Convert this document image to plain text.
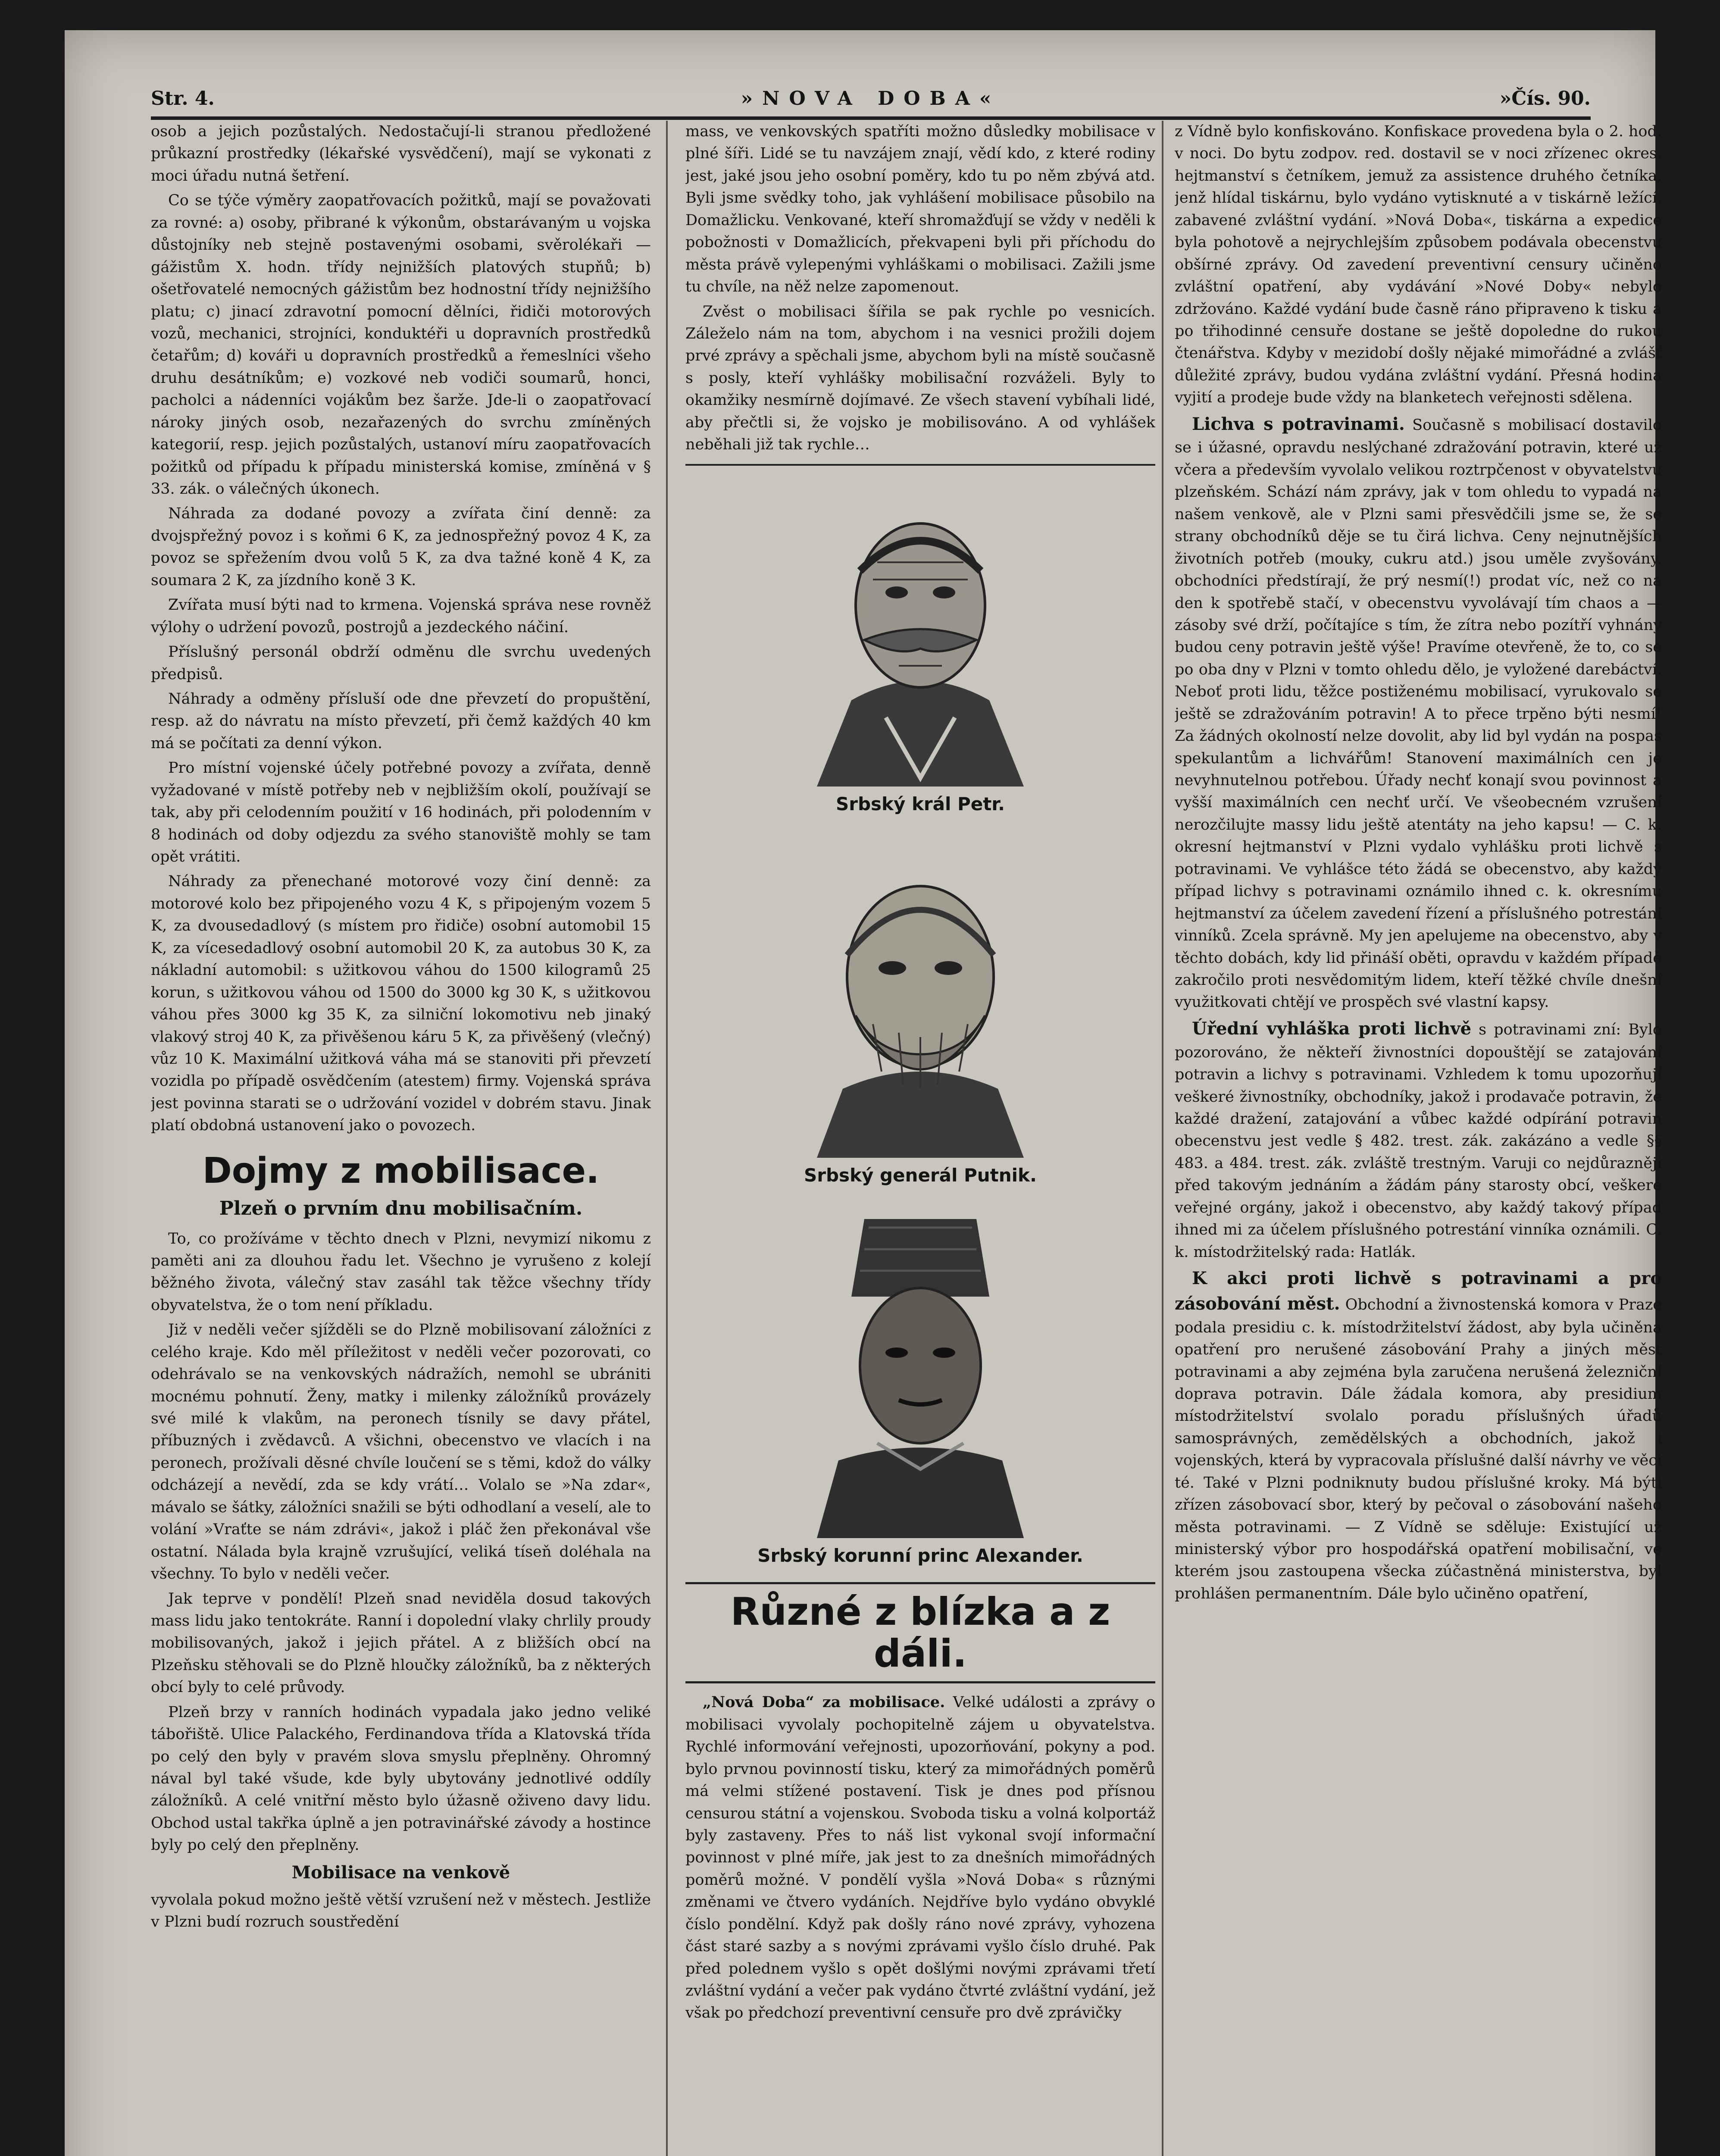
Str. 4.	»NOVA DOBA«	»Čís. 90.

osob a jejich pozůstalých. Nedostačují-li stranou předložené průkazní prostředky (lékařské vysvědčení), mají se vykonati z moci úřadu nutná šetření.

Co se týče výměry zaopatřovacích požitků, mají se považovati za rovné: a) osoby, přibrané k výkonům, obstarávaným u vojska důstojníky neb stejně postavenými osobami, svěrolékaři — gážistům X. hodn. třídy nejnižších platových stupňů; b) ošetřovatelé nemocných gážistům bez hodnostní třídy nejnižšího platu; c) jinací zdravotní pomocní dělníci, řidiči motorových vozů, mechanici, strojníci, konduktéři u dopravních prostředků četařům; d) kováři u dopravních prostředků a řemeslníci všeho druhu desátníkům; e) vozkové neb vodiči soumarů, honci, pacholci a nádenníci vojákům bez šarže. Jde-li o zaopatřovací nároky jiných osob, nezařazených do svrchu zmíněných kategorií, resp. jejich pozůstalých, ustanoví míru zaopatřovacích požitků od případu k případu ministerská komise, zmíněná v § 33. zák. o válečných úkonech.

Náhrada za dodané povozy a zvířata činí denně: za dvojspřežný povoz i s koňmi 6 K, za jednospřežný povoz 4 K, za povoz se spřežením dvou volů 5 K, za dva tažné koně 4 K, za soumara 2 K, za jízdního koně 3 K.

Zvířata musí býti nad to krmena. Vojenská správa nese rovněž výlohy o udržení povozů, postrojů a jezdeckého náčiní.

Příslušný personál obdrží odměnu dle svrchu uvedených předpisů.

Náhrady a odměny přísluší ode dne převzetí do propuštění, resp. až do návratu na místo převzetí, při čemž každých 40 km má se počítati za denní výkon.

Pro místní vojenské účely potřebné povozy a zvířata, denně vyžadované v místě potřeby neb v nejbližším okolí, používají se tak, aby při celodenním použití v 16 hodinách, při polodenním v 8 hodinách od doby odjezdu za svého stanoviště mohly se tam opět vrátiti.

Náhrady za přenechané motorové vozy činí denně: za motorové kolo bez připojeného vozu 4 K, s připojeným vozem 5 K, za dvousedadlový (s místem pro řidiče) osobní automobil 15 K, za vícesedadlový osobní automobil 20 K, za autobus 30 K, za nákladní automobil: s užitkovou váhou do 1500 kilogramů 25 korun, s užitkovou váhou od 1500 do 3000 kg 30 K, s užitkovou váhou přes 3000 kg 35 K, za silniční lokomotivu neb jinaký vlakový stroj 40 K, za přivěšenou káru 5 K, za přivěšený (vlečný) vůz 10 K. Maximální užitková váha má se stanoviti při převzetí vozidla po případě osvědčením (atestem) firmy. Vojenská správa jest povinna starati se o udržování vozidel v dobrém stavu. Jinak platí obdobná ustanovení jako o povozech.

Dojmy z mobilisace.
Plzeň o prvním dnu mobilisačním.

To, co prožíváme v těchto dnech v Plzni, nevymizí nikomu z paměti ani za dlouhou řadu let. Všechno je vyrušeno z kolejí běžného života, válečný stav zasáhl tak těžce všechny třídy obyvatelstva, že o tom není příkladu.

Již v neděli večer sjížděli se do Plzně mobilisovaní záložníci z celého kraje. Kdo měl příležitost v neděli večer pozorovati, co odehrávalo se na venkovských nádražích, nemohl se ubrániti mocnému pohnutí. Ženy, matky i milenky záložníků provázely své milé k vlakům, na peronech tísnily se davy přátel, příbuzných i zvědavců. A všichni, obecenstvo ve vlacích i na peronech, prožívali děsné chvíle loučení se s těmi, kdož do války odcházejí a nevědí, zda se kdy vrátí… Volalo se »Na zdar«, mávalo se šátky, záložníci snažili se býti odhodlaní a veselí, ale to volání »Vraťte se nám zdrávi«, jakož i pláč žen překonával vše ostatní. Nálada byla krajně vzrušující, veliká tíseň doléhala na všechny. To bylo v neděli večer.

Jak teprve v pondělí! Plzeň snad neviděla dosud takových mass lidu jako tentokráte. Ranní i dopolední vlaky chrlily proudy mobilisovaných, jakož i jejich přátel. A z bližších obcí na Plzeňsku stěhovali se do Plzně hloučky záložníků, ba z některých obcí byly to celé průvody.

Plzeň brzy v ranních hodinách vypadala jako jedno veliké tábořiště. Ulice Palackého, Ferdinandova třída a Klatovská třída po celý den byly v pravém slova smyslu přeplněny. Ohromný nával byl také všude, kde byly ubytovány jednotlivé oddíly záložníků. A celé vnitřní město bylo úžasně oživeno davy lidu. Obchod ustal takřka úplně a jen potravinářské závody a hostince byly po celý den přeplněny.

Mobilisace na venkově

vyvolala pokud možno ještě větší vzrušení než v městech. Jestliže v Plzni budí rozruch soustředění

mass, ve venkovských spatříti možno důsledky mobilisace v plné šíři. Lidé se tu navzájem znají, vědí kdo, z které rodiny jest, jaké jsou jeho osobní poměry, kdo tu po něm zbývá atd. Byli jsme svědky toho, jak vyhlášení mobilisace působilo na Domažlicku. Venkované, kteří shromažďují se vždy v neděli k pobožnosti v Domažlicích, překvapeni byli při příchodu do města právě vylepenými vyhláškami o mobilisaci. Zažili jsme tu chvíle, na něž nelze zapomenout.

Zvěst o mobilisaci šířila se pak rychle po vesnicích. Záleželo nám na tom, abychom i na vesnici prožili dojem prvé zprávy a spěchali jsme, abychom byli na místě současně s posly, kteří vyhlášky mobilisační rozváželi. Byly to okamžiky nesmírně dojímavé. Ze všech stavení vybíhali lidé, aby přečtli si, že vojsko je mobilisováno. A od vyhlášek neběhali již tak rychle…

Srbský král Petr.
Srbský generál Putnik.
Srbský korunní princ Alexander.
Různé z blízka a z dáli.

„Nová Doba“ za mobilisace. Velké události a zprávy o mobilisaci vyvolaly pochopitelně zájem u obyvatelstva. Rychlé informování veřejnosti, upozorňování, pokyny a pod. bylo prvnou povinností tisku, který za mimořádných poměrů má velmi stížené postavení. Tisk je dnes pod přísnou censurou státní a vojenskou. Svoboda tisku a volná kolportáž byly zastaveny. Přes to náš list vykonal svojí informační povinnost v plné míře, jak jest to za dnešních mimořádných poměrů možné. V pondělí vyšla »Nová Doba« s různými změnami ve čtvero vydáních. Nejdříve bylo vydáno obvyklé číslo pondělní. Když pak došly ráno nové zprávy, vyhozena část staré sazby a s novými zprávami vyšlo číslo druhé. Pak před polednem vyšlo s opět došlými novými zprávami třetí zvláštní vydání a večer pak vydáno čtvrté zvláštní vydání, jež však po předchozí preventivní censuře pro dvě zprávičky

z Vídně bylo konfiskováno. Konfiskace provedena byla o 2. hod. v noci. Do bytu zodpov. red. dostavil se v noci zřízenec okres. hejtmanství s četníkem, jemuž za assistence druhého četníka, jenž hlídal tiskárnu, bylo vydáno vytisknuté a v tiskárně ležící, zabavené zvláštní vydání. »Nová Doba«, tiskárna a expedice byla pohotově a nejrychlejším způsobem podávala obecenstvu obšírné zprávy. Od zavedení preventivní censury učiněno zvláštní opatření, aby vydávání »Nové Doby« nebylo zdržováno. Každé vydání bude časně ráno připraveno k tisku a po třihodinné censuře dostane se ještě dopoledne do rukou čtenářstva. Kdyby v mezidobí došly nějaké mimořádné a zvlášť důležité zprávy, budou vydána zvláštní vydání. Přesná hodina vyjití a prodeje bude vždy na blanketech veřejnosti sdělena.

Lichva s potravinami. Současně s mobilisací dostavilo se i úžasné, opravdu neslýchané zdražování potravin, které už včera a především vyvolalo velikou roztrpčenost v obyvatelstvu plzeňském. Schází nám zprávy, jak v tom ohledu to vypadá na našem venkově, ale v Plzni sami přesvědčili jsme se, že se strany obchodníků děje se tu čirá lichva. Ceny nejnutnějších životních potřeb (mouky, cukru atd.) jsou uměle zvyšovány, obchodníci předstírají, že prý nesmí(!) prodat víc, než co na den k spotřebě stačí, v obecenstvu vyvolávají tím chaos a — zásoby své drží, počítajíce s tím, že zítra nebo pozítří vyhnány budou ceny potravin ještě výše! Pravíme otevřeně, že to, co se po oba dny v Plzni v tomto ohledu dělo, je vyložené darebáctví. Neboť proti lidu, těžce postiženému mobilisací, vyrukovalo se ještě se zdražováním potravin! A to přece trpěno býti nesmí! Za žádných okolností nelze dovolit, aby lid byl vydán na pospas spekulantům a lichvářům! Stanovení maximálních cen je nevyhnutelnou potřebou. Úřady nechť konají svou povinnost a vyšší maximálních cen nechť určí. Ve všeobecném vzrušení nerozčilujte massy lidu ještě atentáty na jeho kapsu! — C. k. okresní hejtmanství v Plzni vydalo vyhlášku proti lichvě s potravinami. Ve vyhlášce této žádá se obecenstvo, aby každý případ lichvy s potravinami oznámilo ihned c. k. okresnímu hejtmanství za účelem zavedení řízení a příslušného potrestání vinníků. Zcela správně. My jen apelujeme na obecenstvo, aby v těchto dobách, kdy lid přináší oběti, opravdu v každém případě zakročilo proti nesvědomitým lidem, kteří těžké chvíle dnešní využitkovati chtějí ve prospěch své vlastní kapsy.

Úřední vyhláška proti lichvě s potravinami zní: Bylo pozorováno, že někteří živnostníci dopouštějí se zatajování potravin a lichvy s potravinami. Vzhledem k tomu upozorňují veškeré živnostníky, obchodníky, jakož i prodavače potravin, že každé dražení, zatajování a vůbec každé odpírání potravin obecenstvu jest vedle § 482. trest. zák. zakázáno a vedle §§ 483. a 484. trest. zák. zvláště trestným. Varuji co nejdůrazněji před takovým jednáním a žádám pány starosty obcí, veškeré veřejné orgány, jakož i obecenstvo, aby každý takový případ ihned mi za účelem příslušného potrestání vinníka oznámili. C. k. místodržitelský rada: Hatlák.

K akci proti lichvě s potravinami a pro zásobování měst. Obchodní a živnostenská komora v Praze podala presidiu c. k. místodržitelství žádost, aby byla učiněna opatření pro nerušené zásobování Prahy a jiných měst potravinami a aby zejména byla zaručena nerušená železniční doprava potravin. Dále žádala komora, aby presidium místodržitelství svolalo poradu příslušných úřadů samosprávných, zemědělských a obchodních, jakož i vojenských, která by vypracovala příslušné další návrhy ve věci té. Také v Plzni podniknuty budou příslušné kroky. Má býti zřízen zásobovací sbor, který by pečoval o zásobování našeho města potravinami. — Z Vídně se sděluje: Existující už ministerský výbor pro hospodářská opatření mobilisační, ve kterém jsou zastoupena všecka zúčastněná ministerstva, byl prohlášen permanentním. Dále bylo učiněno opatření,
